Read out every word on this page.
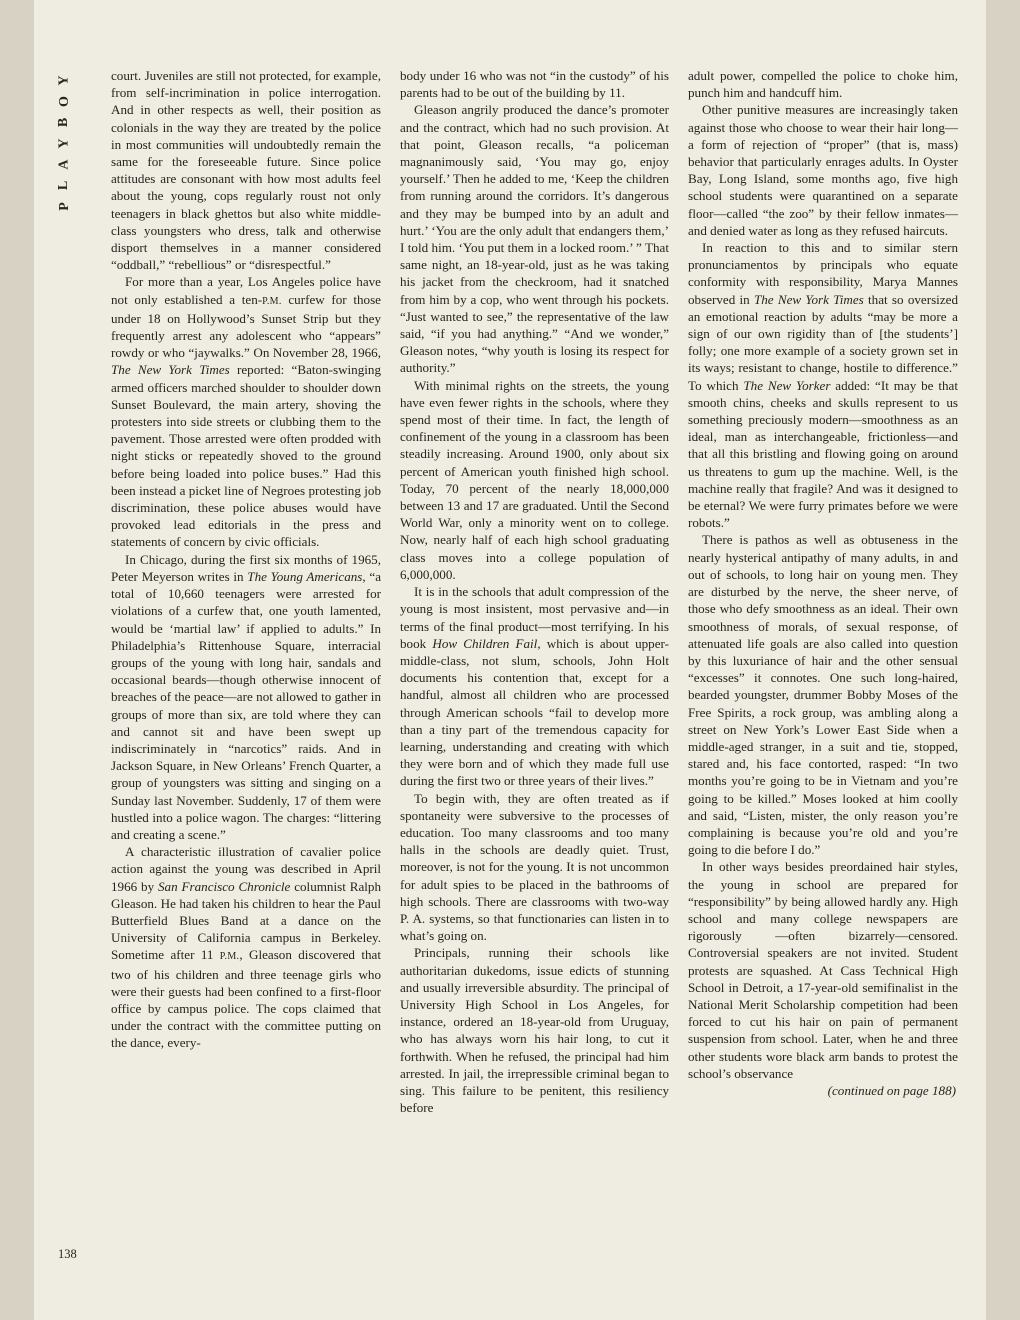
Y
O
B
Y
A
L
P
138

court. Juveniles are still not protected, for example, from self-incrimination in police interrogation. And in other respects as well, their position as colonials in the way they are treated by the police in most communities will undoubtedly remain the same for the foreseeable future. Since police attitudes are consonant with how most adults feel about the young, cops regularly roust not only teenagers in black ghettos but also white middle-class youngsters who dress, talk and otherwise disport themselves in a manner considered “oddball,” “rebellious” or “disrespectful.”

For more than a year, Los Angeles police have not only established a ten-P.M. curfew for those under 18 on Hollywood’s Sunset Strip but they frequently arrest any adolescent who “appears” rowdy or who “jaywalks.” On November 28, 1966, The New York Times reported: “Baton-swinging armed officers marched shoulder to shoulder down Sunset Boulevard, the main artery, shoving the protesters into side streets or clubbing them to the pavement. Those arrested were often prodded with night sticks or repeatedly shoved to the ground before being loaded into police buses.” Had this been instead a picket line of Negroes protesting job discrimination, these police abuses would have provoked lead editorials in the press and statements of concern by civic officials.

In Chicago, during the first six months of 1965, Peter Meyerson writes in The Young Americans, “a total of 10,660 teenagers were arrested for violations of a curfew that, one youth lamented, would be ‘martial law’ if applied to adults.” In Philadelphia’s Rittenhouse Square, interracial groups of the young with long hair, sandals and occasional beards—though otherwise innocent of breaches of the peace—are not allowed to gather in groups of more than six, are told where they can and cannot sit and have been swept up indiscriminately in “narcotics” raids. And in Jackson Square, in New Orleans’ French Quarter, a group of youngsters was sitting and singing on a Sunday last November. Suddenly, 17 of them were hustled into a police wagon. The charges: “littering and creating a scene.”

A characteristic illustration of cavalier police action against the young was described in April 1966 by San Francisco Chronicle columnist Ralph Gleason. He had taken his children to hear the Paul Butterfield Blues Band at a dance on the University of California campus in Berkeley. Sometime after 11 P.M., Gleason discovered that two of his children and three teenage girls who were their guests had been confined to a first-floor office by campus police. The cops claimed that under the contract with the committee putting on the dance, every-

body under 16 who was not “in the custody” of his parents had to be out of the building by 11.

Gleason angrily produced the dance’s promoter and the contract, which had no such provision. At that point, Gleason recalls, “a policeman magnanimously said, ‘You may go, enjoy yourself.’ Then he added to me, ‘Keep the children from running around the corridors. It’s dangerous and they may be bumped into by an adult and hurt.’ ‘You are the only adult that endangers them,’ I told him. ‘You put them in a locked room.’ ” That same night, an 18-year-old, just as he was taking his jacket from the checkroom, had it snatched from him by a cop, who went through his pockets. “Just wanted to see,” the representative of the law said, “if you had anything.” “And we wonder,” Gleason notes, “why youth is losing its respect for authority.”

With minimal rights on the streets, the young have even fewer rights in the schools, where they spend most of their time. In fact, the length of confinement of the young in a classroom has been steadily increasing. Around 1900, only about six percent of American youth finished high school. Today, 70 percent of the nearly 18,000,000 between 13 and 17 are graduated. Until the Second World War, only a minority went on to college. Now, nearly half of each high school graduating class moves into a college population of 6,000,000.

It is in the schools that adult compression of the young is most insistent, most pervasive and—in terms of the final product—most terrifying. In his book How Children Fail, which is about upper-middle-class, not slum, schools, John Holt documents his contention that, except for a handful, almost all children who are processed through American schools “fail to develop more than a tiny part of the tremendous capacity for learning, understanding and creating with which they were born and of which they made full use during the first two or three years of their lives.”

To begin with, they are often treated as if spontaneity were subversive to the processes of education. Too many classrooms and too many halls in the schools are deadly quiet. Trust, moreover, is not for the young. It is not uncommon for adult spies to be placed in the bathrooms of high schools. There are classrooms with two-way P. A. systems, so that functionaries can listen in to what’s going on.

Principals, running their schools like authoritarian dukedoms, issue edicts of stunning and usually irreversible absurdity. The principal of University High School in Los Angeles, for instance, ordered an 18-year-old from Uruguay, who has always worn his hair long, to cut it forthwith. When he refused, the principal had him arrested. In jail, the irrepressible criminal began to sing. This failure to be penitent, this resiliency before

adult power, compelled the police to choke him, punch him and handcuff him.

Other punitive measures are increasingly taken against those who choose to wear their hair long—a form of rejection of “proper” (that is, mass) behavior that particularly enrages adults. In Oyster Bay, Long Island, some months ago, five high school students were quarantined on a separate floor—called “the zoo” by their fellow inmates—and denied water as long as they refused haircuts.

In reaction to this and to similar stern pronunciamentos by principals who equate conformity with responsibility, Marya Mannes observed in The New York Times that so oversized an emotional reaction by adults “may be more a sign of our own rigidity than of [the students’] folly; one more example of a society grown set in its ways; resistant to change, hostile to difference.” To which The New Yorker added: “It may be that smooth chins, cheeks and skulls represent to us something preciously modern—smoothness as an ideal, man as interchangeable, frictionless—and that all this bristling and flowing going on around us threatens to gum up the machine. Well, is the machine really that fragile? And was it designed to be eternal? We were furry primates before we were robots.”

There is pathos as well as obtuseness in the nearly hysterical antipathy of many adults, in and out of schools, to long hair on young men. They are disturbed by the nerve, the sheer nerve, of those who defy smoothness as an ideal. Their own smoothness of morals, of sexual response, of attenuated life goals are also called into question by this luxuriance of hair and the other sensual “excesses” it connotes. One such long-haired, bearded youngster, drummer Bobby Moses of the Free Spirits, a rock group, was ambling along a street on New York’s Lower East Side when a middle-aged stranger, in a suit and tie, stopped, stared and, his face contorted, rasped: “In two months you’re going to be in Vietnam and you’re going to be killed.” Moses looked at him coolly and said, “Listen, mister, the only reason you’re complaining is because you’re old and you’re going to die before I do.”

In other ways besides preordained hair styles, the young in school are prepared for “responsibility” by being allowed hardly any. High school and many college newspapers are rigorously —often bizarrely—censored. Controversial speakers are not invited. Student protests are squashed. At Cass Technical High School in Detroit, a 17-year-old semifinalist in the National Merit Scholarship competition had been forced to cut his hair on pain of permanent suspension from school. Later, when he and three other students wore black arm bands to protest the school’s observance

(continued on page 188)
